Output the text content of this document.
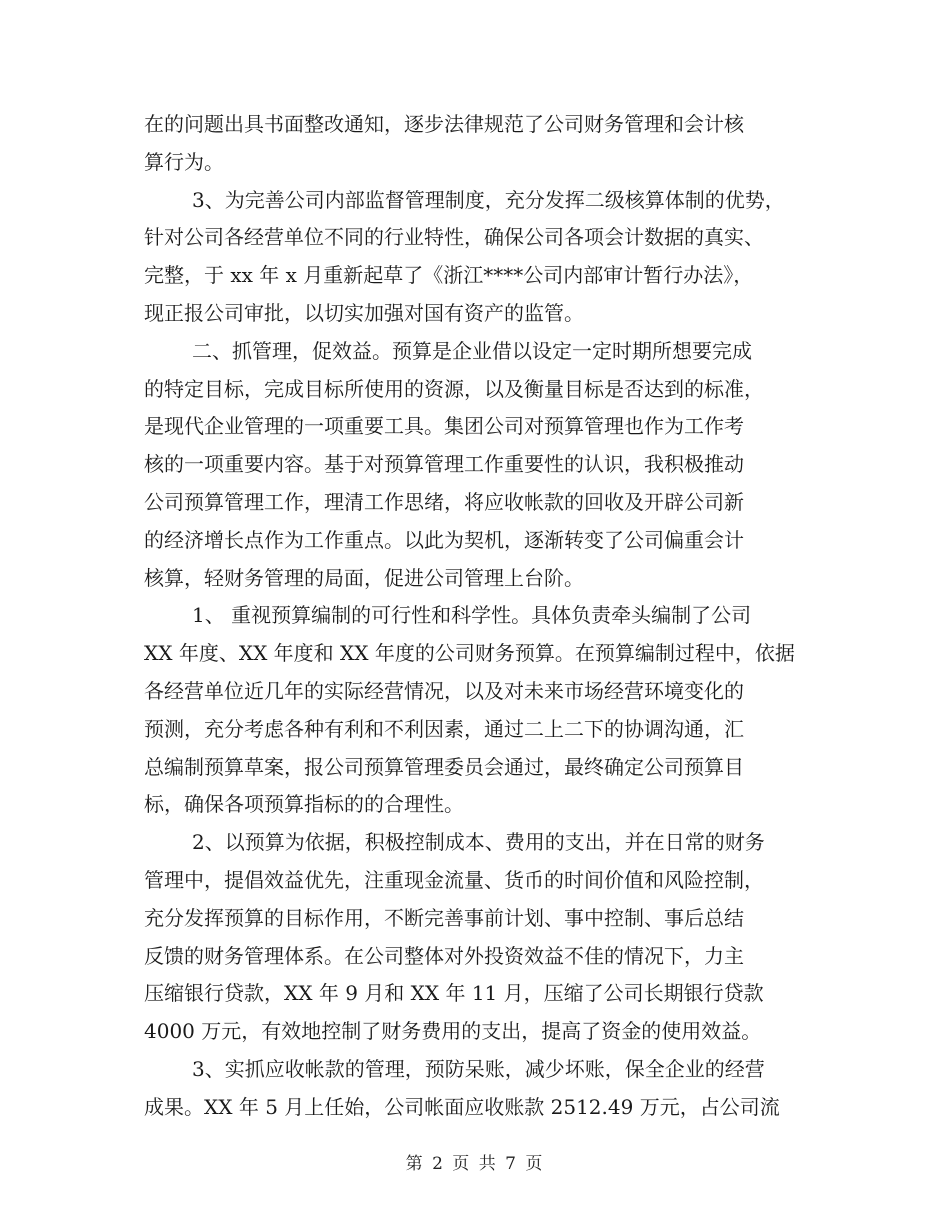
在的问题出具书面整改通知，逐步法律规范了公司财务管理和会计核
算行为。
3、为完善公司内部监督管理制度，充分发挥二级核算体制的优势，
针对公司各经营单位不同的行业特性，确保公司各项会计数据的真实、
完整，于 xx 年 x 月重新起草了《浙江****公司内部审计暂行办法》，
现正报公司审批，以切实加强对国有资产的监管。
二、抓管理，促效益。预算是企业借以设定一定时期所想要完成
的特定目标，完成目标所使用的资源，以及衡量目标是否达到的标准，
是现代企业管理的一项重要工具。集团公司对预算管理也作为工作考
核的一项重要内容。基于对预算管理工作重要性的认识，我积极推动
公司预算管理工作，理清工作思绪，将应收帐款的回收及开辟公司新
的经济增长点作为工作重点。以此为契机，逐渐转变了公司偏重会计
核算，轻财务管理的局面，促进公司管理上台阶。
1、 重视预算编制的可行性和科学性。具体负责牵头编制了公司
XX 年度、XX 年度和 XX 年度的公司财务预算。在预算编制过程中，依据
各经营单位近几年的实际经营情况，以及对未来市场经营环境变化的
预测，充分考虑各种有利和不利因素，通过二上二下的协调沟通，汇
总编制预算草案，报公司预算管理委员会通过，最终确定公司预算目
标，确保各项预算指标的的合理性。
2、以预算为依据，积极控制成本、费用的支出，并在日常的财务
管理中，提倡效益优先，注重现金流量、货币的时间价值和风险控制，
充分发挥预算的目标作用，不断完善事前计划、事中控制、事后总结
反馈的财务管理体系。在公司整体对外投资效益不佳的情况下，力主
压缩银行贷款，XX 年 9 月和 XX 年 11 月，压缩了公司长期银行贷款
4000 万元，有效地控制了财务费用的支出，提高了资金的使用效益。
3、实抓应收帐款的管理，预防呆账，减少坏账，保全企业的经营
成果。XX 年 5 月上任始，公司帐面应收账款 2512.49 万元，占公司流
第 2 页 共 7 页
